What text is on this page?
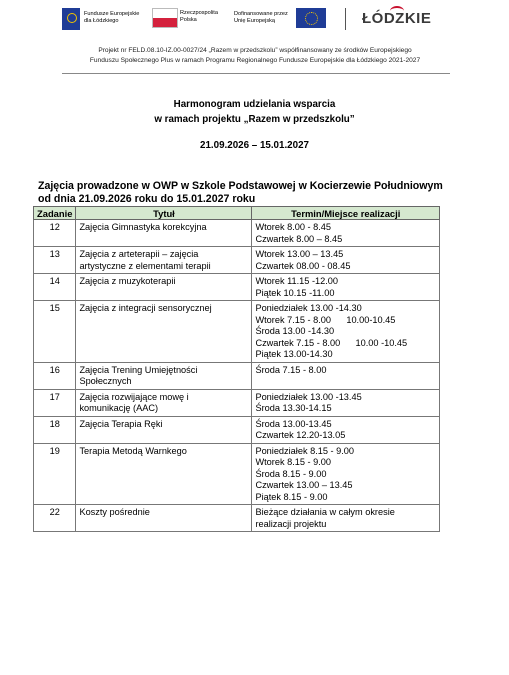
Fundusze Europejskie
dla Łódzkiego
Rzeczpospolita
Polska
Dofinansowane przez
Unię Europejską	ŁÓDZKIE
Projekt nr FELD.08.10-IZ.00-0027/24 „Razem w przedszkolu” współfinansowany ze środków Europejskiego
Funduszu Społecznego Plus w ramach Programu Regionalnego Fundusze Europejskie dla Łódzkiego 2021-2027
Harmonogram udzielania wsparcia
w ramach projektu „Razem w przedszkolu”
21.09.2026 – 15.01.2027
Zajęcia prowadzone w OWP w Szkole Podstawowej w Kocierzewie Południowym
od dnia 21.09.2026 roku do 15.01.2027 roku
Zadanie	Tytuł	Termin/Miejsce realizacji
12	Zajęcia Gimnastyka korekcyjna	Wtorek 8.00 - 8.45
Czwartek 8.00 – 8.45

13	Zajęcia z arteterapii – zajęcia
artystyczne z elementami terapii	Wtorek 13.00 – 13.45
Czwartek 08.00 - 08.45

14	Zajęcia z muzykoterapii	Wtorek 11.15 -12.00
Piątek 10.15 -11.00

15	Zajęcia z integracji sensorycznej	Poniedziałek 13.00 -14.30
Wtorek 7.15 - 8.00      10.00-10.45
Środa 13.00 -14.30
Czwartek 7.15 - 8.00      10.00 -10.45
Piątek 13.00-14.30

16	Zajęcia Trening Umiejętności
Społecznych	Środa 7.15 - 8.00

17	Zajęcia rozwijające mowę i
komunikację (AAC)	Poniedziałek 13.00 -13.45
Środa 13.30-14.15

18	Zajęcia Terapia Ręki	Środa 13.00-13.45
Czwartek 12.20-13.05

19	Terapia Metodą Warnkego	Poniedziałek 8.15 - 9.00
Wtorek 8.15 - 9.00
Środa 8.15 - 9.00
Czwartek 13.00 – 13.45
Piątek 8.15 - 9.00

22	Koszty pośrednie	Bieżące działania w całym okresie
realizacji projektu
